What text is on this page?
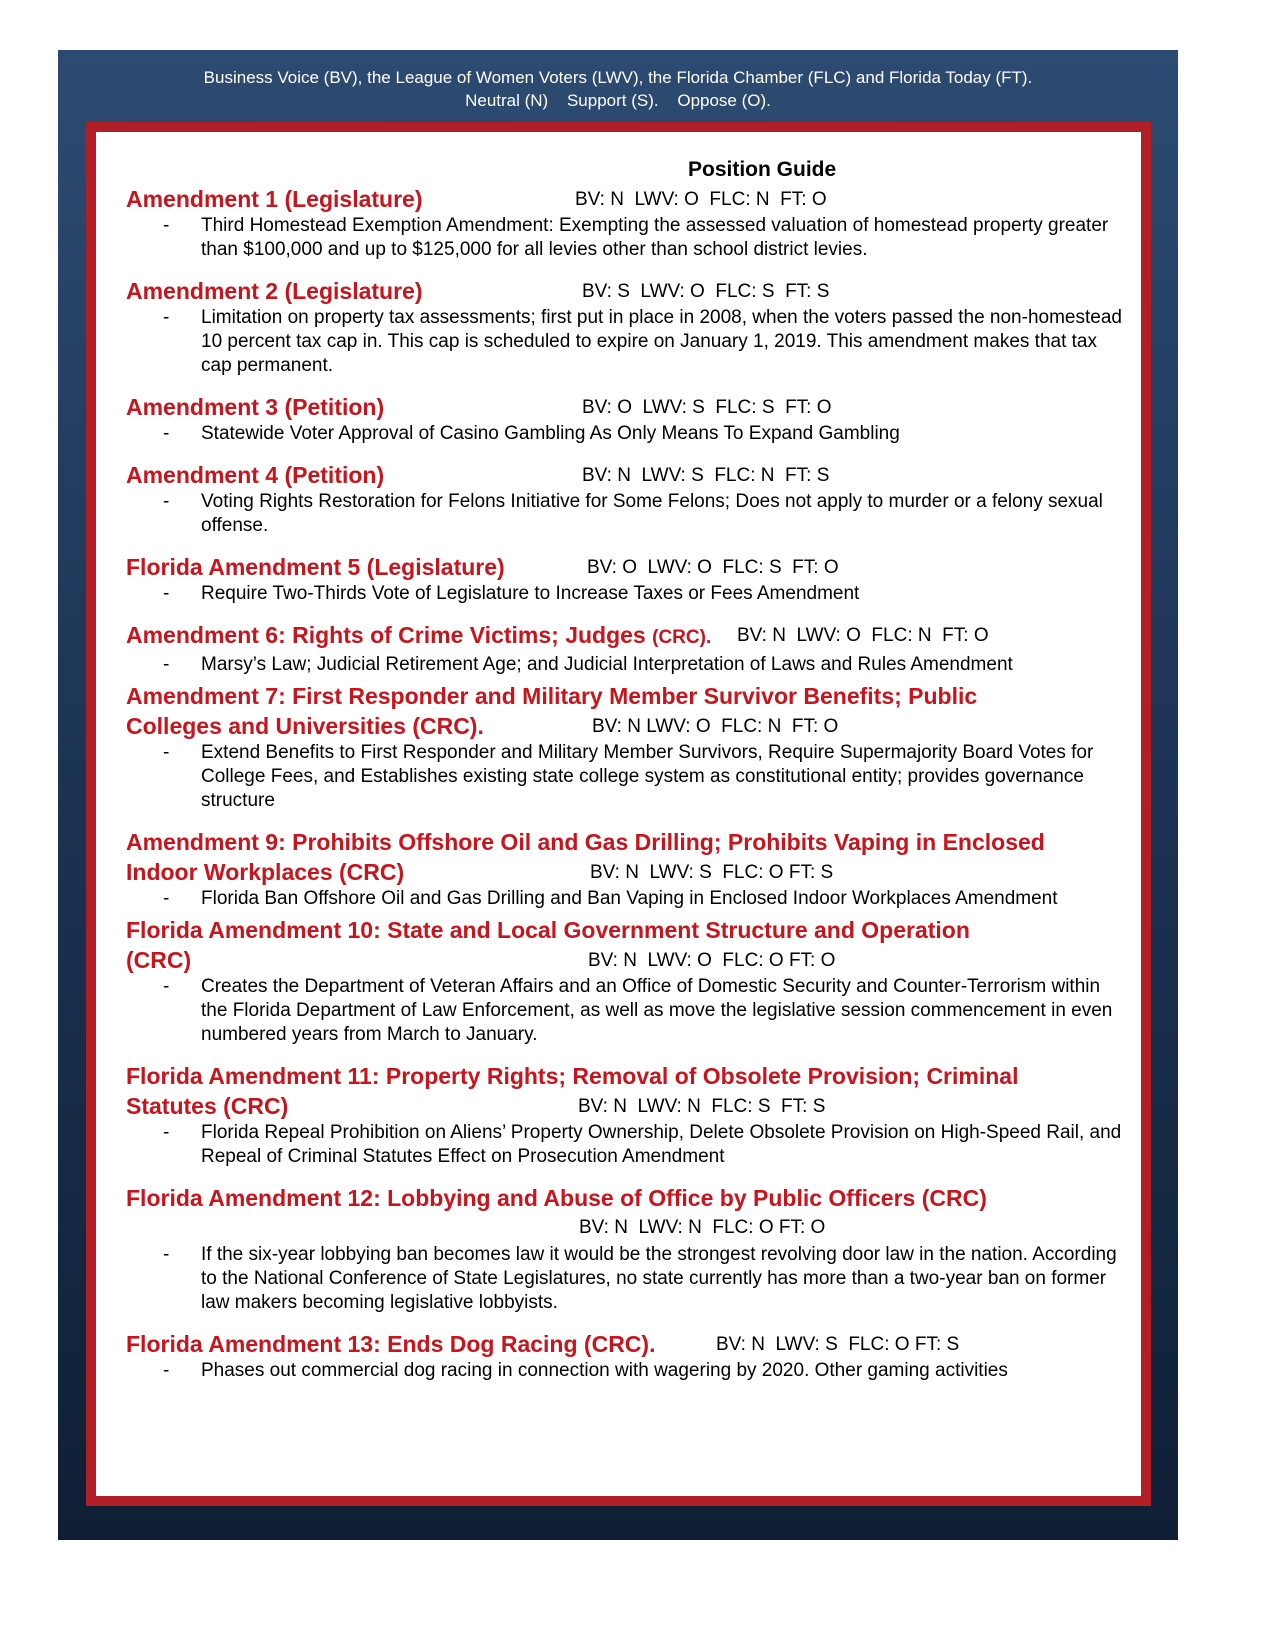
Business Voice (BV), the League of Women Voters (LWV), the Florida Chamber (FLC) and Florida Today (FT).
Neutral (N) Support (S). Oppose (O).
Position Guide
Amendment 1 (Legislature)	BV: N  LWV: O  FLC: N  FT: O
- Third Homestead Exemption Amendment: Exempting the assessed valuation of homestead property greater than $100,000 and up to $125,000 for all levies other than school district levies.
Amendment 2 (Legislature)	BV: S  LWV: O  FLC: S  FT: S
- Limitation on property tax assessments; first put in place in 2008, when the voters passed the non-homestead 10 percent tax cap in. This cap is scheduled to expire on January 1, 2019. This amendment makes that tax cap permanent.
Amendment 3 (Petition)	BV: O  LWV: S  FLC: S  FT: O
- Statewide Voter Approval of Casino Gambling As Only Means To Expand Gambling
Amendment 4 (Petition)	BV: N  LWV: S  FLC: N  FT: S
- Voting Rights Restoration for Felons Initiative for Some Felons; Does not apply to murder or a felony sexual offense.
Florida Amendment 5 (Legislature)	BV: O  LWV: O  FLC: S  FT: O
- Require Two-Thirds Vote of Legislature to Increase Taxes or Fees Amendment
Amendment 6: Rights of Crime Victims; Judges (CRC). BV: N  LWV: O  FLC: N  FT: O
- Marsy’s Law; Judicial Retirement Age; and Judicial Interpretation of Laws and Rules Amendment
Amendment 7: First Responder and Military Member Survivor Benefits; Public
Colleges and Universities (CRC).	BV: N LWV: O  FLC: N  FT: O
- Extend Benefits to First Responder and Military Member Survivors, Require Supermajority Board Votes for College Fees, and Establishes existing state college system as constitutional entity; provides governance structure
Amendment 9: Prohibits Offshore Oil and Gas Drilling; Prohibits Vaping in Enclosed
Indoor Workplaces (CRC)	BV: N  LWV: S  FLC: O FT: S
- Florida Ban Offshore Oil and Gas Drilling and Ban Vaping in Enclosed Indoor Workplaces Amendment
Florida Amendment 10: State and Local Government Structure and Operation
(CRC)	BV: N  LWV: O  FLC: O FT: O
- Creates the Department of Veteran Affairs and an Office of Domestic Security and Counter-Terrorism within the Florida Department of Law Enforcement, as well as move the legislative session commencement in even numbered years from March to January.
Florida Amendment 11: Property Rights; Removal of Obsolete Provision; Criminal
Statutes (CRC)	BV: N  LWV: N  FLC: S  FT: S
- Florida Repeal Prohibition on Aliens’ Property Ownership, Delete Obsolete Provision on High-Speed Rail, and Repeal of Criminal Statutes Effect on Prosecution Amendment
Florida Amendment 12: Lobbying and Abuse of Office by Public Officers (CRC)
BV: N  LWV: N  FLC: O FT: O
- If the six-year lobbying ban becomes law it would be the strongest revolving door law in the nation. According to the National Conference of State Legislatures, no state currently has more than a two-year ban on former law makers becoming legislative lobbyists.
Florida Amendment 13: Ends Dog Racing (CRC).	BV: N  LWV: S  FLC: O FT: S
- Phases out commercial dog racing in connection with wagering by 2020. Other gaming activities
